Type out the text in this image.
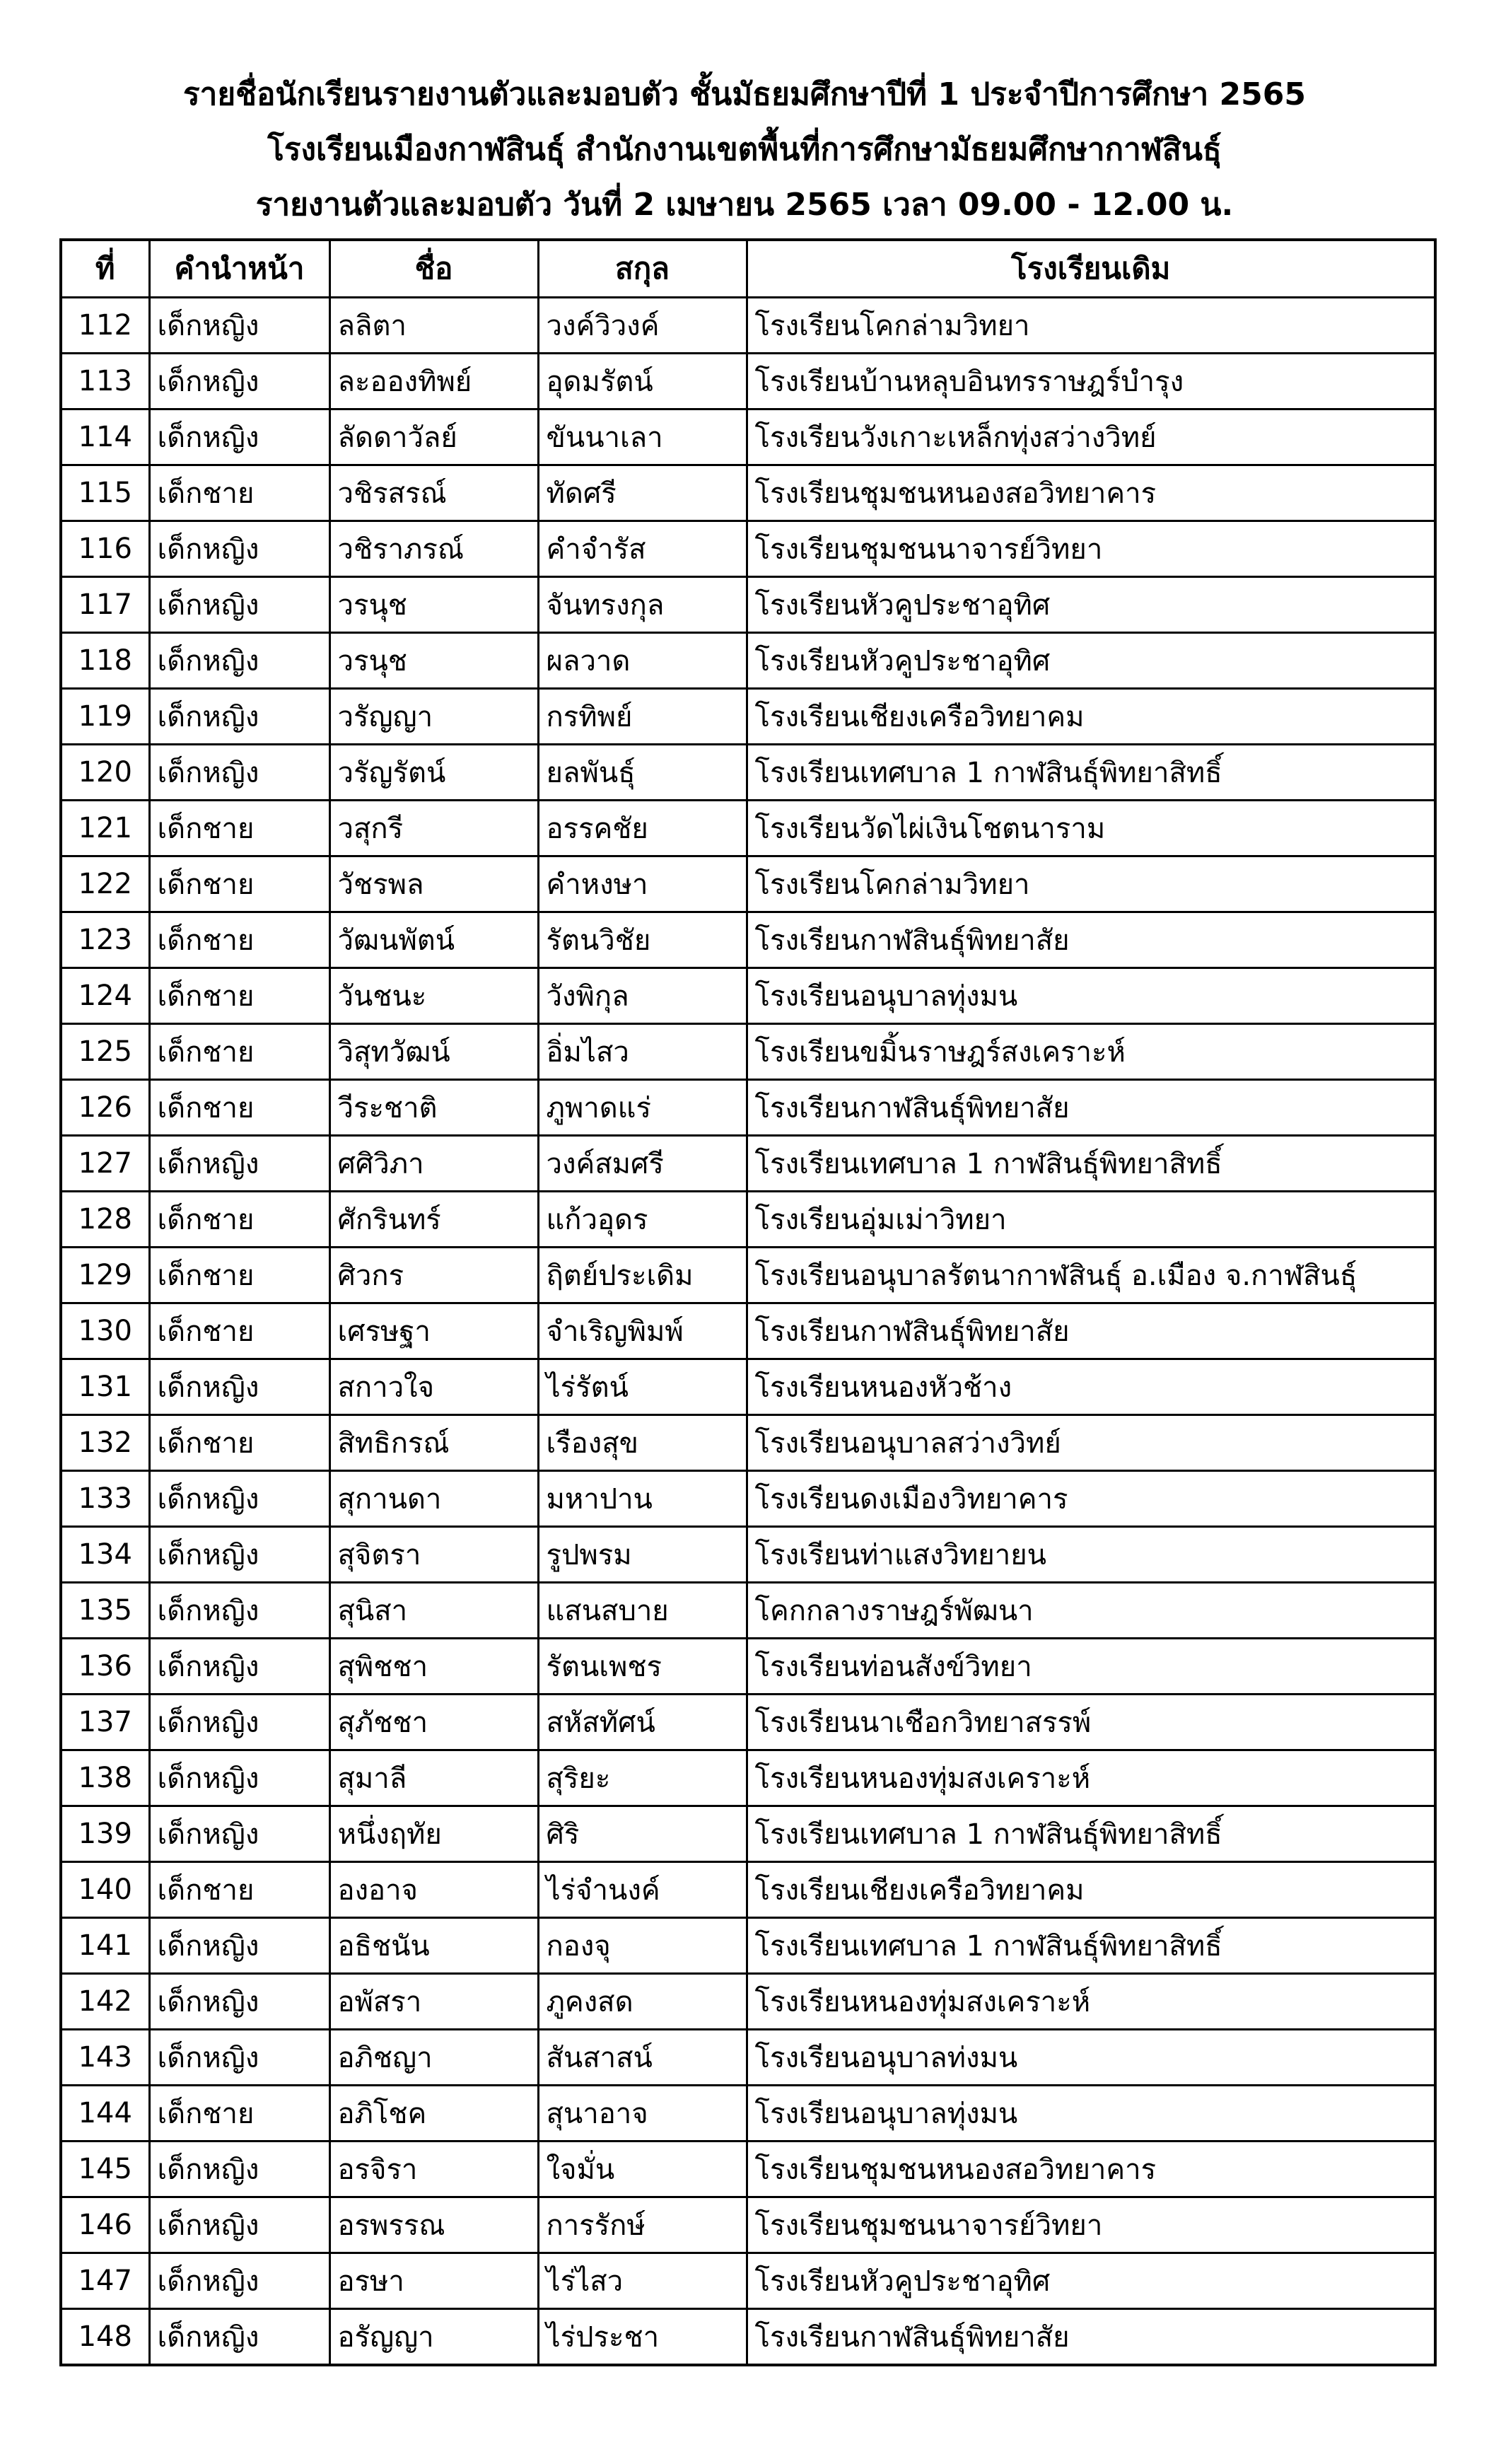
รายชื่อนักเรียนรายงานตัวและมอบตัว ชั้นมัธยมศึกษาปีที่ 1 ประจำปีการศึกษา 2565
โรงเรียนเมืองกาฬสินธุ์ สำนักงานเขตพื้นที่การศึกษามัธยมศึกษากาฬสินธุ์
รายงานตัวและมอบตัว วันที่ 2 เมษายน 2565 เวลา 09.00 - 12.00 น.
ที่	คำนำหน้า	ชื่อ	สกุล	โรงเรียนเดิม
112	เด็กหญิง	ลลิตา	วงค์วิวงค์	โรงเรียนโคกล่ามวิทยา
113	เด็กหญิง	ละอองทิพย์	อุดมรัตน์	โรงเรียนบ้านหลุบอินทรราษฎร์บำรุง
114	เด็กหญิง	ลัดดาวัลย์	ขันนาเลา	โรงเรียนวังเกาะเหล็กทุ่งสว่างวิทย์
115	เด็กชาย	วชิรสรณ์	ทัดศรี	โรงเรียนชุมชนหนองสอวิทยาคาร
116	เด็กหญิง	วชิราภรณ์	คำจำรัส	โรงเรียนชุมชนนาจารย์วิทยา
117	เด็กหญิง	วรนุช	จันทรงกุล	โรงเรียนหัวคูประชาอุทิศ
118	เด็กหญิง	วรนุช	ผลวาด	โรงเรียนหัวคูประชาอุทิศ
119	เด็กหญิง	วรัญญา	กรทิพย์	โรงเรียนเชียงเครือวิทยาคม
120	เด็กหญิง	วรัญรัตน์	ยลพันธุ์	โรงเรียนเทศบาล 1 กาฬสินธุ์พิทยาสิทธิ์
121	เด็กชาย	วสุกรี	อรรคชัย	โรงเรียนวัดไผ่เงินโชตนาราม
122	เด็กชาย	วัชรพล	คำหงษา	โรงเรียนโคกล่ามวิทยา
123	เด็กชาย	วัฒนพัตน์	รัตนวิชัย	โรงเรียนกาฬสินธุ์พิทยาสัย
124	เด็กชาย	วันชนะ	วังพิกุล	โรงเรียนอนุบาลทุ่งมน
125	เด็กชาย	วิสุทวัฒน์	อิ่มไสว	โรงเรียนขมิ้นราษฎร์สงเคราะห์
126	เด็กชาย	วีระชาติ	ภูพาดแร่	โรงเรียนกาฬสินธุ์พิทยาสัย
127	เด็กหญิง	ศศิวิภา	วงค์สมศรี	โรงเรียนเทศบาล 1 กาฬสินธุ์พิทยาสิทธิ์
128	เด็กชาย	ศักรินทร์	แก้วอุดร	โรงเรียนอุ่มเม่าวิทยา
129	เด็กชาย	ศิวกร	ฤิตย์ประเดิม	โรงเรียนอนุบาลรัตนากาฬสินธุ์ อ.เมือง จ.กาฬสินธุ์
130	เด็กชาย	เศรษฐา	จำเริญพิมพ์	โรงเรียนกาฬสินธุ์พิทยาสัย
131	เด็กหญิง	สกาวใจ	ไร่รัตน์	โรงเรียนหนองหัวช้าง
132	เด็กชาย	สิทธิกรณ์	เรืองสุข	โรงเรียนอนุบาลสว่างวิทย์
133	เด็กหญิง	สุกานดา	มหาปาน	โรงเรียนดงเมืองวิทยาคาร
134	เด็กหญิง	สุจิตรา	รูปพรม	โรงเรียนท่าแสงวิทยายน
135	เด็กหญิง	สุนิสา	แสนสบาย	โคกกลางราษฎร์พัฒนา
136	เด็กหญิง	สุพิชชา	รัตนเพชร	โรงเรียนท่อนสังข์วิทยา
137	เด็กหญิง	สุภัชชา	สหัสทัศน์	โรงเรียนนาเชือกวิทยาสรรพ์
138	เด็กหญิง	สุมาลี	สุริยะ	โรงเรียนหนองทุ่มสงเคราะห์
139	เด็กหญิง	หนึ่งฤทัย	ศิริ	โรงเรียนเทศบาล 1 กาฬสินธุ์พิทยาสิทธิ์
140	เด็กชาย	องอาจ	ไร่จำนงค์	โรงเรียนเชียงเครือวิทยาคม
141	เด็กหญิง	อธิชนัน	กองจุ	โรงเรียนเทศบาล 1 กาฬสินธุ์พิทยาสิทธิ์
142	เด็กหญิง	อพัสรา	ภูคงสด	โรงเรียนหนองทุ่มสงเคราะห์
143	เด็กหญิง	อภิชญา	สันสาสน์	โรงเรียนอนุบาลท่งมน
144	เด็กชาย	อภิโชค	สุนาอาจ	โรงเรียนอนุบาลทุ่งมน
145	เด็กหญิง	อรจิรา	ใจมั่น	โรงเรียนชุมชนหนองสอวิทยาคาร
146	เด็กหญิง	อรพรรณ	การรักษ์	โรงเรียนชุมชนนาจารย์วิทยา
147	เด็กหญิง	อรษา	ไร่ไสว	โรงเรียนหัวคูประชาอุทิศ
148	เด็กหญิง	อรัญญา	ไร่ประชา	โรงเรียนกาฬสินธุ์พิทยาสัย
